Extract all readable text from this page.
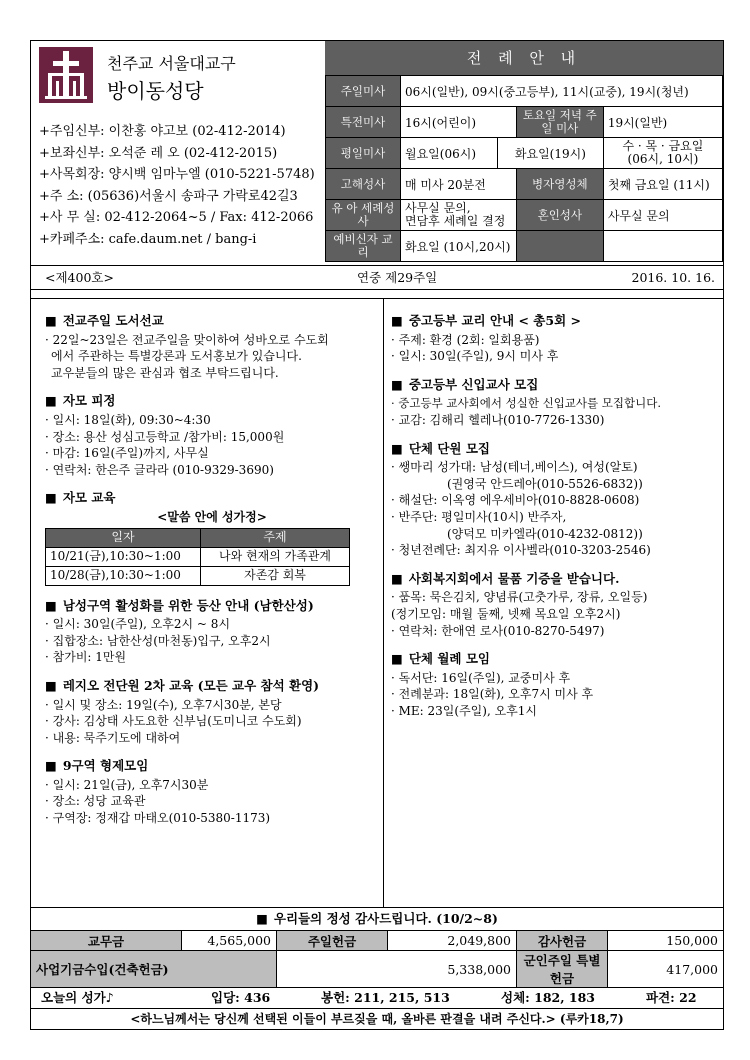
천주교 서울대교구
방이동성당
+주임신부: 이찬홍 야고보 (02-412-2014)
+보좌신부: 오석준 레 오 (02-412-2015)
+사목회장: 양시백 임마누엘 (010-5221-5748)
+주 소: (05636)서울시 송파구 가락로42길3
+사 무 실: 02-412-2064~5 / Fax: 412-2066
+카페주소: cafe.daum.net / bang-i
전 례 안 내
주일미사	06시(일반), 09시(중고등부), 11시(교중), 19시(청년)			
특전미사	16시(어린이)		토요일 저녁 주일 미사	19시(일반)
평일미사	월요일(06시)	화요일(19시)		수 · 목 · 금요일
(06시, 10시)

고해성사	매 미사 20분전		병자영성체	첫째 금요일 (11시)
유 아 세례성사	사무실 문의,
면담후 세례일 결정		혼인성사	사무실 문의
예비신자 교 리	화요일 (10시,20시)			
<제400호>	연중 제29주일	2016. 10. 16.
■ 전교주일 도서선교
· 22일~23일은 전교주일을 맞이하여 성바오로 수도회
에서 주관하는 특별강론과 도서홍보가 있습니다.
교우분들의 많은 관심과 협조 부탁드립니다.
■ 자모 피정
· 일시: 18일(화), 09:30~4:30
· 장소: 용산 성심고등학교 /참가비: 15,000원
· 마감: 16일(주일)까지, 사무실
· 연락처: 한은주 글라라 (010-9329-3690)
■ 자모 교육
<말씀 안에 성가정>
일자	주제
10/21(금),10:30~1:00	나와 현재의 가족관계
10/28(금),10:30~1:00	자존감 회복
■ 남성구역 활성화를 위한 등산 안내 (남한산성)
· 일시: 30일(주일), 오후2시 ~ 8시
· 집합장소: 남한산성(마천동)입구, 오후2시
· 참가비: 1만원
■ 레지오 전단원 2차 교육 (모든 교우 참석 환영)
· 일시 및 장소: 19일(수), 오후7시30분, 본당
· 강사: 김상태 사도요한 신부님(도미니코 수도회)
· 내용: 묵주기도에 대하여
■ 9구역 형제모임
· 일시: 21일(금), 오후7시30분
· 장소: 성당 교육관
· 구역장: 정재갑 마태오(010-5380-1173)
■ 중고등부 교리 안내 < 총5회 >
· 주제: 환경 (2회: 일회용품)
· 일시: 30일(주일), 9시 미사 후
■ 중고등부 신입교사 모집
· 중고등부 교사회에서 성실한 신입교사를 모집합니다.
· 교감: 김해리 헬레나(010-7726-1330)
■ 단체 단원 모집
· 쌩마리 성가대: 남성(테너,베이스), 여성(알토)
(권영국 안드레아(010-5526-6832))
· 해설단: 이옥영 에우세비아(010-8828-0608)
· 반주단: 평일미사(10시) 반주자,
(양덕모 미카엘라(010-4232-0812))
· 청년전례단: 최지유 이사벨라(010-3203-2546)
■ 사회복지회에서 물품 기증을 받습니다.
· 품목: 묵은김치, 양념류(고춧가루, 장류, 오일등)
(정기모임: 매월 둘째, 넷째 목요일 오후2시)
· 연락처: 한애연 로사(010-8270-5497)
■ 단체 월례 모임
· 독서단: 16일(주일), 교중미사 후
· 전례분과: 18일(화), 오후7시 미사 후
· ME: 23일(주일), 오후1시
■ 우리들의 정성 감사드립니다. (10/2~8)
교무금	4,565,000	주일헌금	2,049,800	감사헌금	150,000
사업기금수입(건축헌금)		5,338,000		군인주일 특별헌금	417,000
오늘의 성가♪	입당: 436	봉헌: 211, 215, 513	성체: 182, 183	파견: 22
<하느님께서는 당신께 선택된 이들이 부르짖을 때, 올바른 판결을 내려 주신다.> (루카18,7)
